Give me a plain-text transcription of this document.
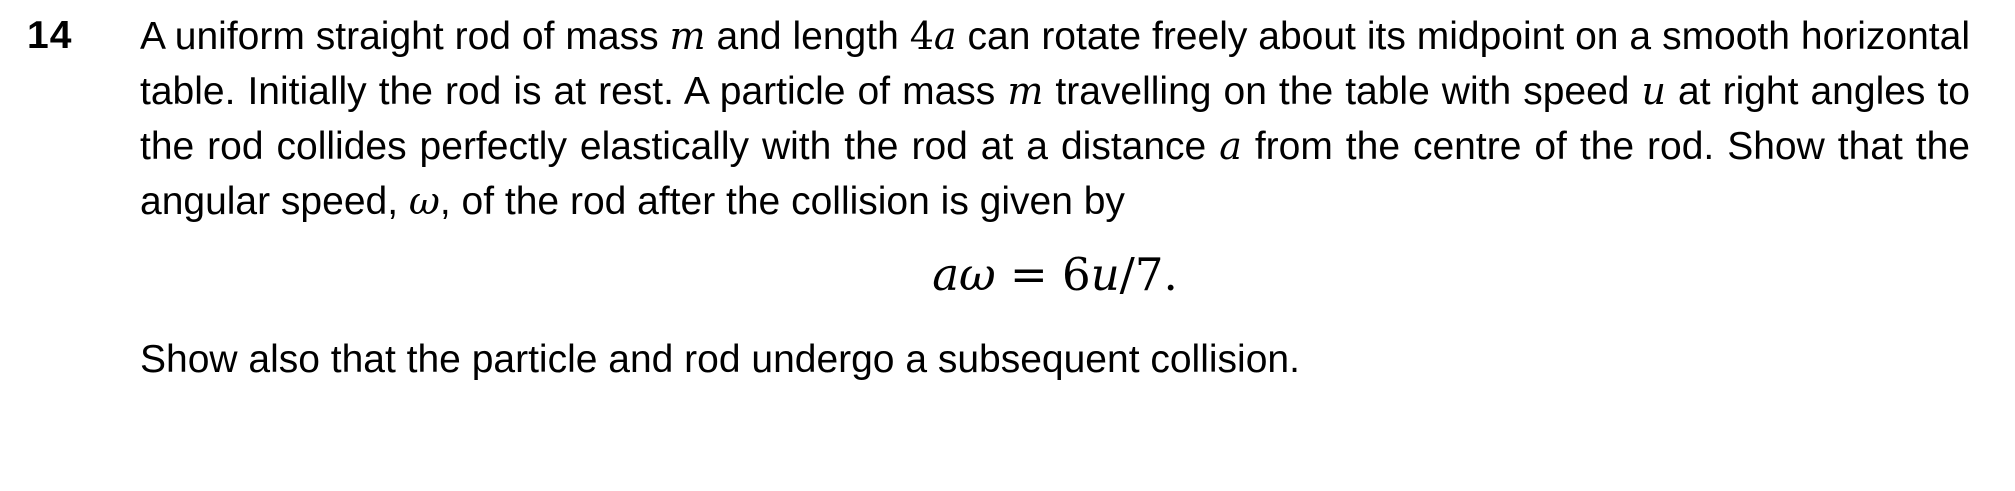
14 A uniform straight rod of mass m and length 4a can rotate freely about its midpoint on a smooth horizontal table. Initially the rod is at rest. A particle of mass m travelling on the table with speed u at right angles to the rod collides perfectly elastically with the rod at a distance a from the centre of the rod. Show that the angular speed, ω, of the rod after the collision is given by

aω = 6u/7.

Show also that the particle and rod undergo a subsequent collision.
